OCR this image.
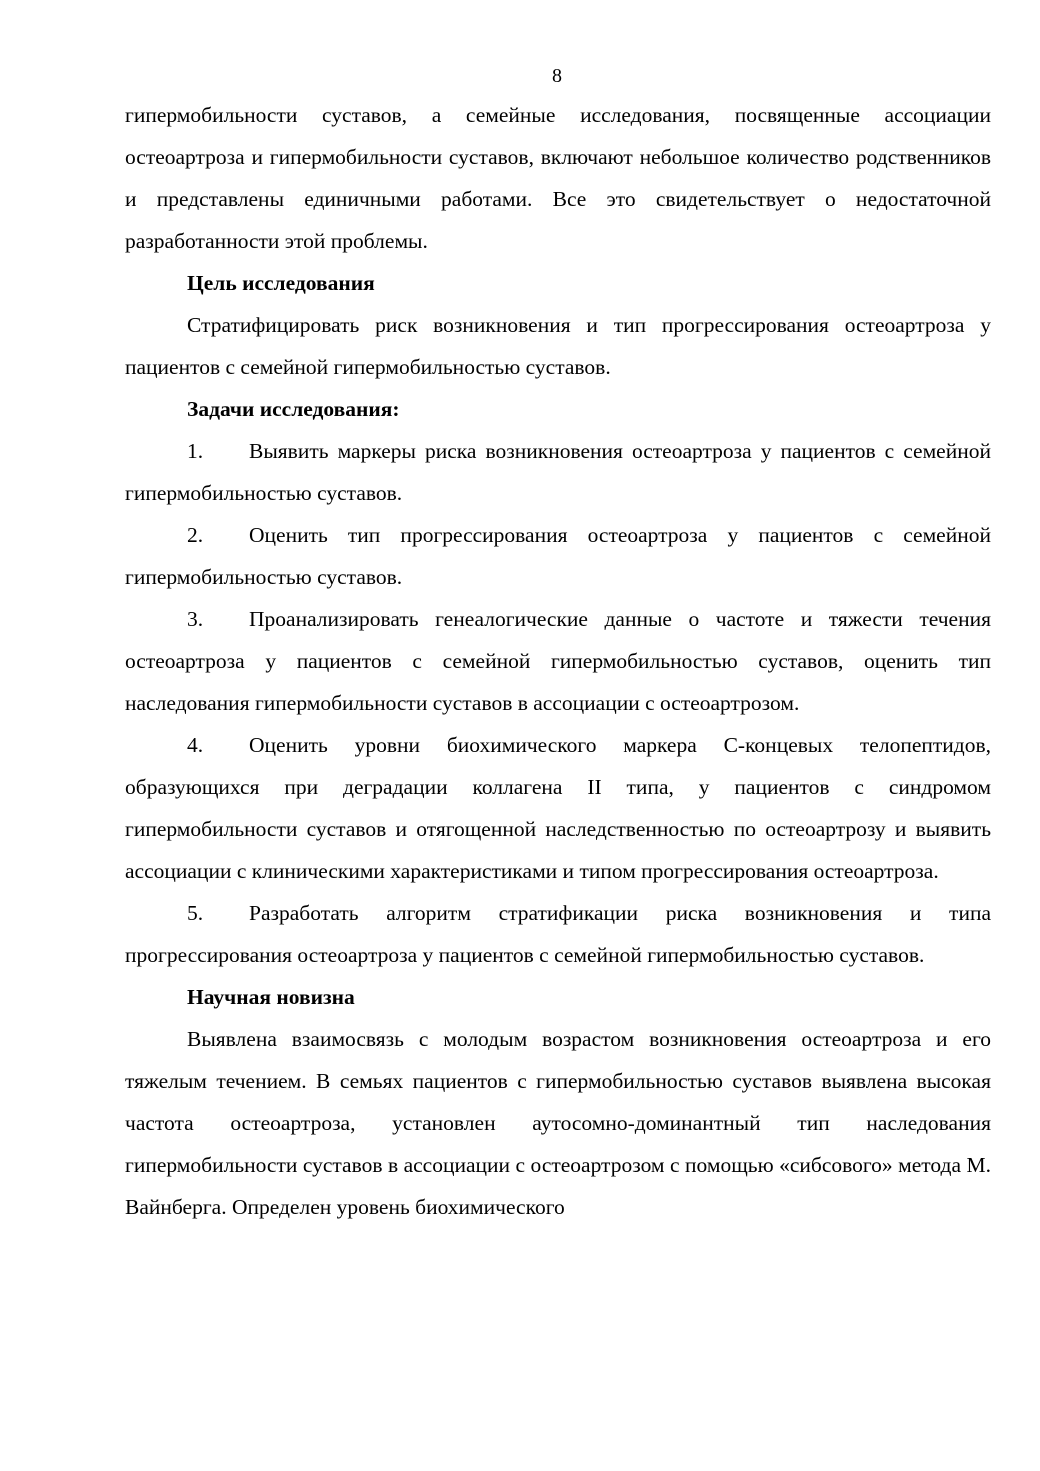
8

гипермобильности суставов, а семейные исследования, посвященные ассоциации остеоартроза и гипермобильности суставов, включают небольшое количество родственников и представлены единичными работами. Все это свидетельствует о недостаточной разработанности этой проблемы.

Цель исследования

Стратифицировать риск возникновения и тип прогрессирования остеоартроза у пациентов с семейной гипермобильностью суставов.

Задачи исследования:

1. Выявить маркеры риска возникновения остеоартроза у пациентов с семейной гипермобильностью суставов.

2. Оценить тип прогрессирования остеоартроза у пациентов с семейной гипермобильностью суставов.

3. Проанализировать генеалогические данные о частоте и тяжести течения остеоартроза у пациентов с семейной гипермобильностью суставов, оценить тип наследования гипермобильности суставов в ассоциации с остеоартрозом.

4. Оценить уровни биохимического маркера С-концевых телопептидов, образующихся при деградации коллагена II типа, у пациентов с синдромом гипермобильности суставов и отягощенной наследственностью по остеоартрозу и выявить ассоциации с клиническими характеристиками и типом прогрессирования остеоартроза.

5. Разработать алгоритм стратификации риска возникновения и типа прогрессирования остеоартроза у пациентов с семейной гипермобильностью суставов.

Научная новизна

Выявлена взаимосвязь с молодым возрастом возникновения остеоартроза и его тяжелым течением. В семьях пациентов с гипермобильностью суставов выявлена высокая частота остеоартроза, установлен аутосомно-доминантный тип наследования гипермобильности суставов в ассоциации с остеоартрозом с помощью «сибсового» метода М. Вайнберга. Определен уровень биохимического
